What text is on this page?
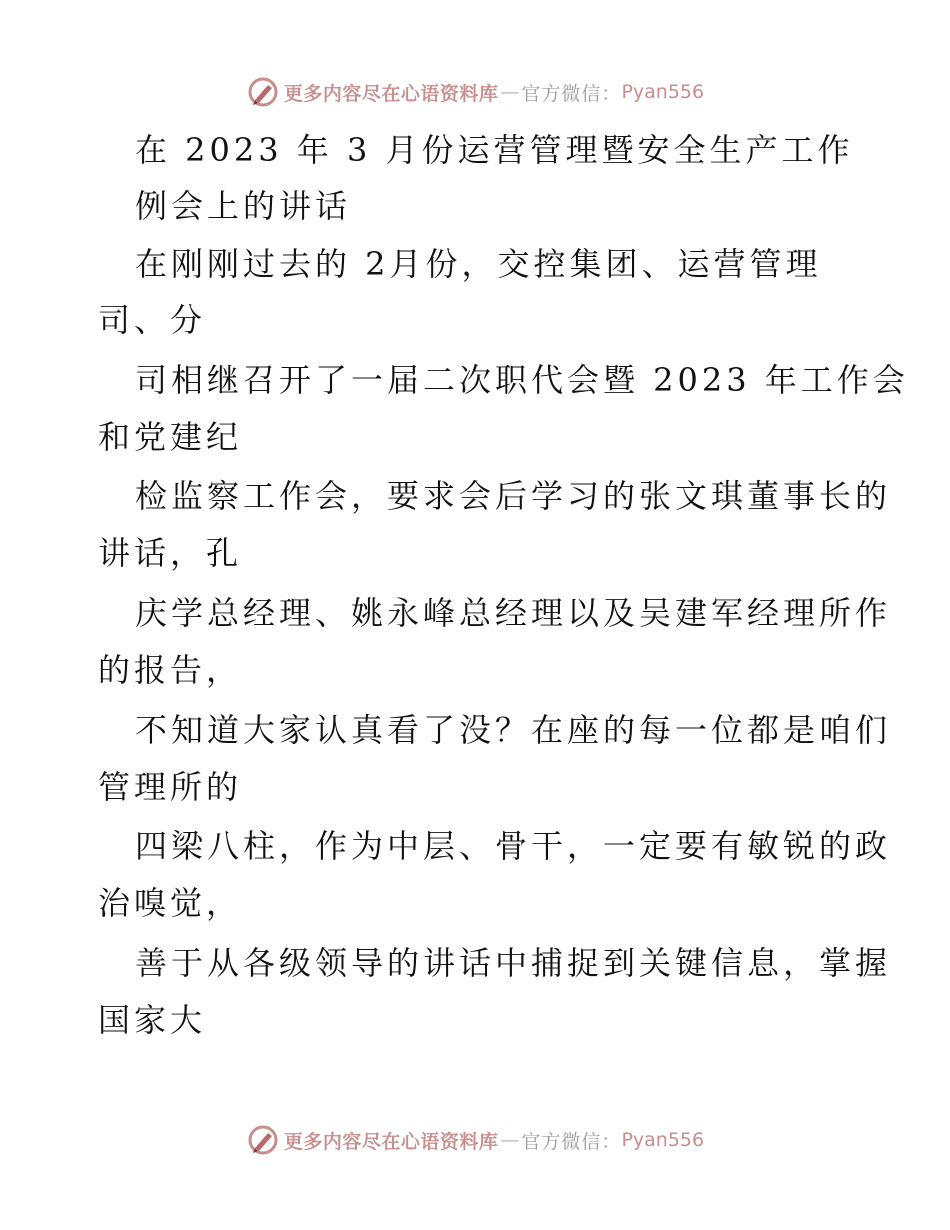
更多内容尽在心语资料库 — 官方微信： Pyan556
在 2023 年 3 月份运营管理暨安全生产工作
例会上的讲话
在刚刚过去的 2月份，交控集团、运营管理
司、分
司相继召开了一届二次职代会暨 2023 年工作会
和党建纪
检监察工作会，要求会后学习的张文琪董事长的
讲话，孔
庆学总经理、姚永峰总经理以及吴建军经理所作
的报告，
不知道大家认真看了没？在座的每一位都是咱们
管理所的
四梁八柱，作为中层、骨干，一定要有敏锐的政
治嗅觉，
善于从各级领导的讲话中捕捉到关键信息，掌握
国家大
更多内容尽在心语资料库 — 官方微信： Pyan556
